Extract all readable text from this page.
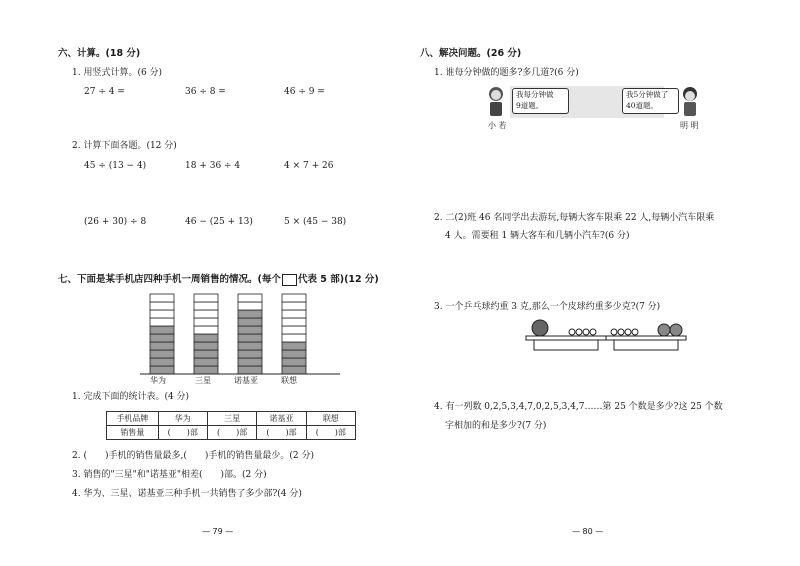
六、计算。(18 分)
1. 用竖式计算。(6 分)
27 ÷ 4 =	36 ÷ 8 =	46 ÷ 9 =
2. 计算下面各题。(12 分)
45 ÷ (13 − 4)	18 + 36 ÷ 4	4 × 7 + 26
(26 + 30) ÷ 8	46 − (25 + 13)	5 × (45 − 38)
七、下面是某手机店四种手机一周销售的情况。(每个 代表 5 部)(12 分)
华为	三星	诺基亚	联想
1. 完成下面的统计表。(4 分)
手机品牌	华为	三星	诺基亚	联想
销售量	(　　)部	(　　)部	(　　)部	(　　)部
2. (　　)手机的销售量最多,(　　)手机的销售量最少。(2 分)
3. 销售的"三星"和"诺基亚"相差(　　)部。(2 分)
4. 华为、三星、诺基亚三种手机一共销售了多少部?(4 分)
— 79 —
八、解决问题。(26 分)
1. 谁每分钟做的题多?多几道?(6 分)
我每分钟做
9道题。
我5分钟做了
40道题。
小 若	明 明
2. 二(2)班 46 名同学出去游玩,每辆大客车限乘 22 人,每辆小汽车限乘
4 人。需要租 1 辆大客车和几辆小汽车?(6 分)
3. 一个乒乓球约重 3 克,那么一个皮球约重多少克?(7 分)
4. 有一列数 0,2,5,3,4,7,0,2,5,3,4,7……第 25 个数是多少?这 25 个数
字相加的和是多少?(7 分)
— 80 —
